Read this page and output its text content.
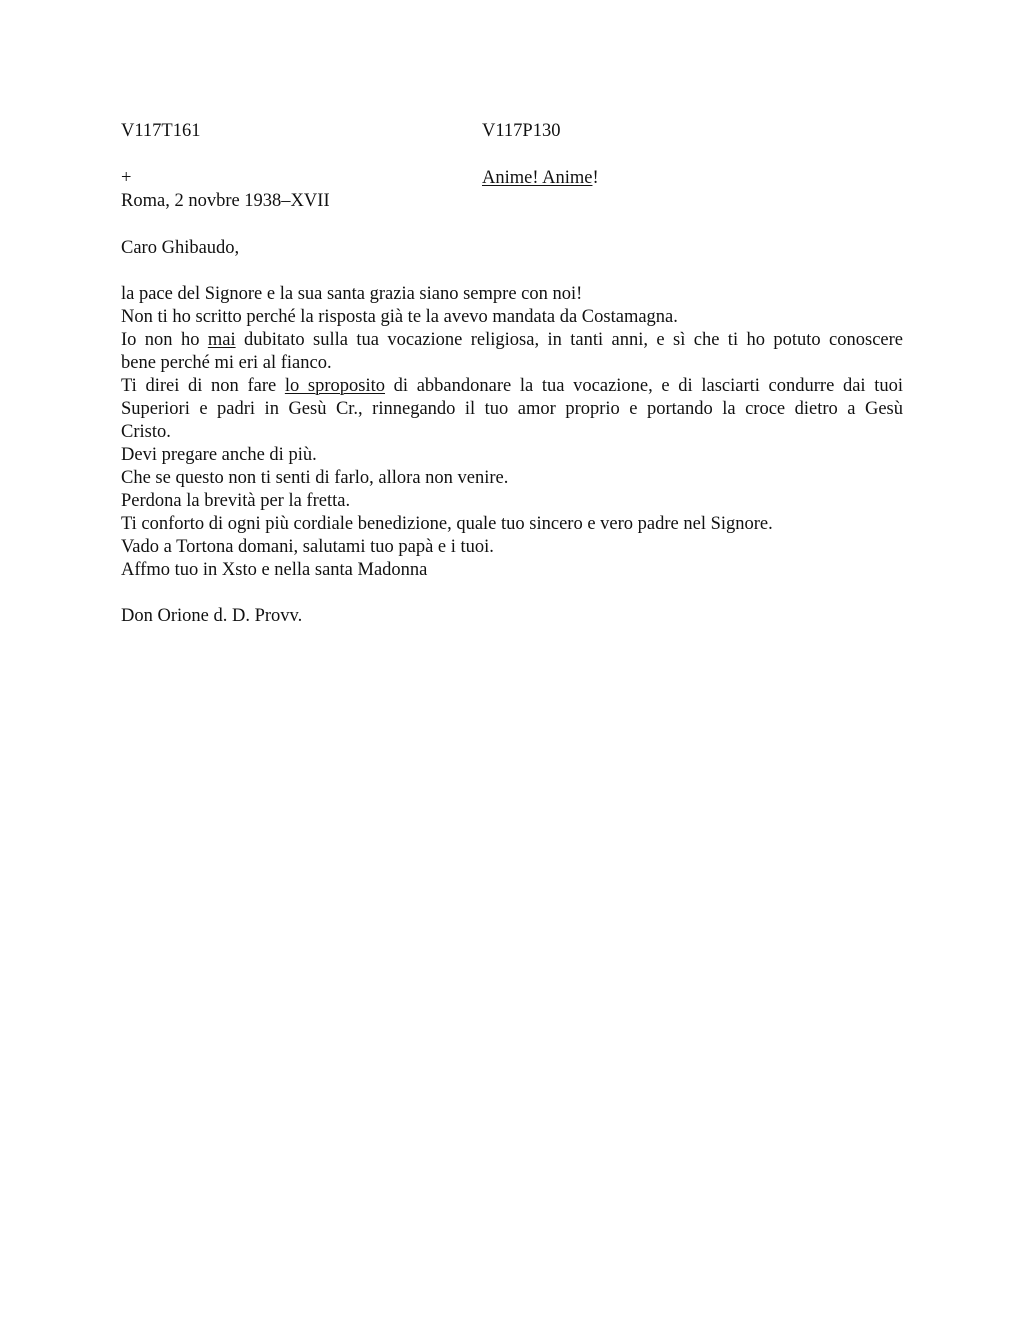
V117T161	V117P130
+	Anime! Anime!
Roma, 2 novbre 1938–XVII
Caro Ghibaudo,
la pace del Signore e la sua santa grazia siano sempre con noi!
Non ti ho scritto perché la risposta già te la avevo mandata da Costamagna.
Io non ho mai dubitato sulla tua vocazione religiosa, in tanti anni, e sì che ti ho potuto conoscere
bene perché mi eri al fianco.
Ti direi di non fare lo sproposito di abbandonare la tua vocazione, e di lasciarti condurre dai tuoi
Superiori e padri in Gesù Cr., rinnegando il tuo amor proprio e portando la croce dietro a Gesù
Cristo.
Devi pregare anche di più.
Che se questo non ti senti di farlo, allora non venire.
Perdona la brevità per la fretta.
Ti conforto di ogni più cordiale benedizione, quale tuo sincero e vero padre nel Signore.
Vado a Tortona domani, salutami tuo papà e i tuoi.
Affmo tuo in Xsto e nella santa Madonna
Don Orione d. D. Provv.
